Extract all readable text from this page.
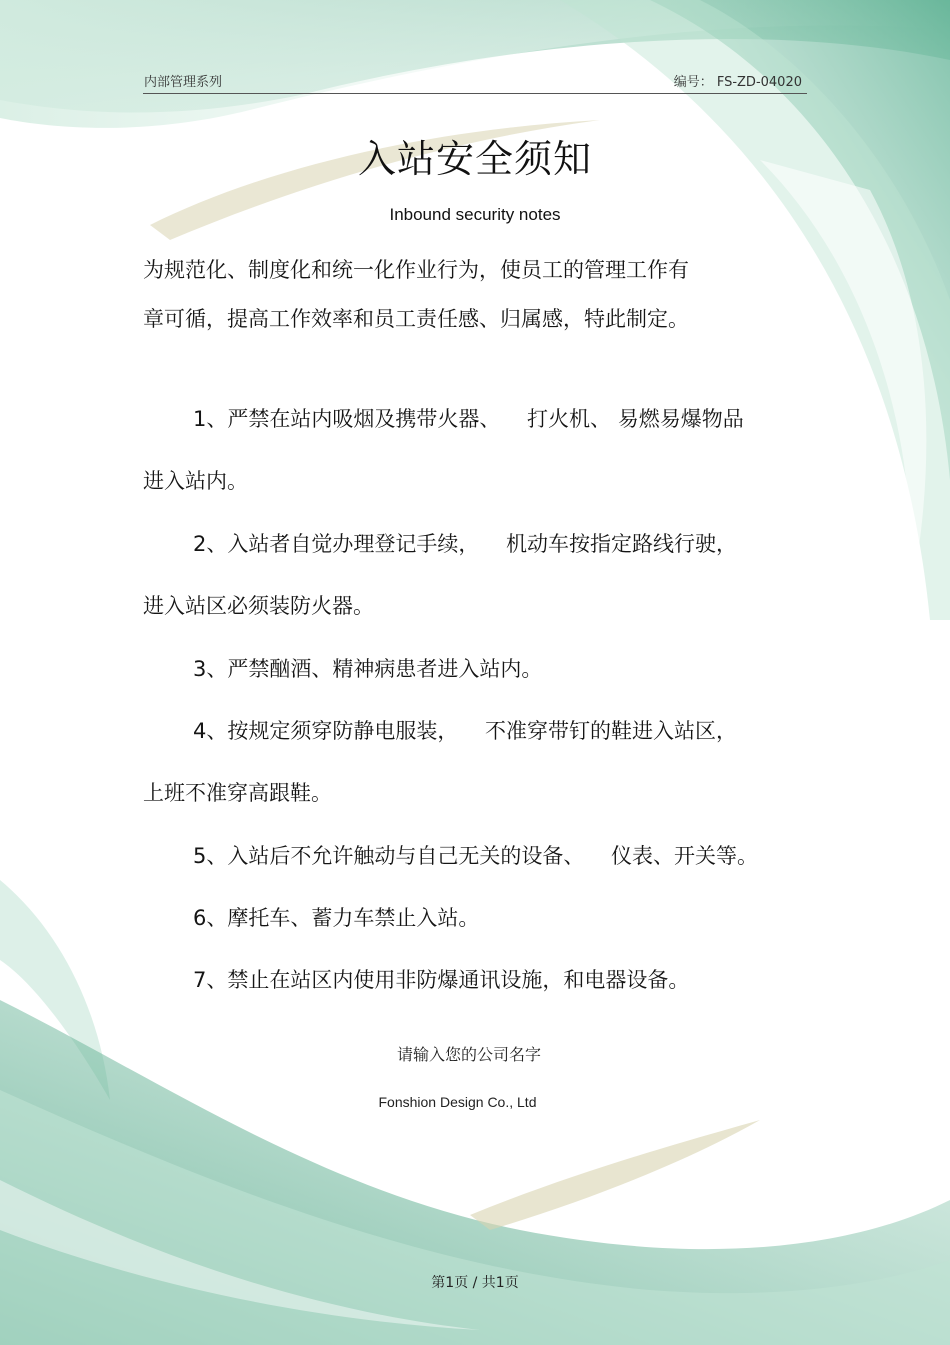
内部管理系列	编号： FS-ZD-04020
入站安全须知
Inbound security notes
为规范化、制度化和统一化作业行为，使员工的管理工作有
章可循，提高工作效率和员工责任感、归属感，特此制定。
1、严禁在站内吸烟及携带火器、    打火机、 易燃易爆物品
进入站内。
2、入站者自觉办理登记手续，    机动车按指定路线行驶，
进入站区必须装防火器。
3、严禁酗酒、精神病患者进入站内。
4、按规定须穿防静电服装，    不准穿带钉的鞋进入站区，
上班不准穿高跟鞋。
5、入站后不允许触动与自己无关的设备、    仪表、开关等。
6、摩托车、蓄力车禁止入站。
7、禁止在站区内使用非防爆通讯设施，和电器设备。
请输入您的公司名字
Fonshion Design Co., Ltd
第1页 / 共1页
